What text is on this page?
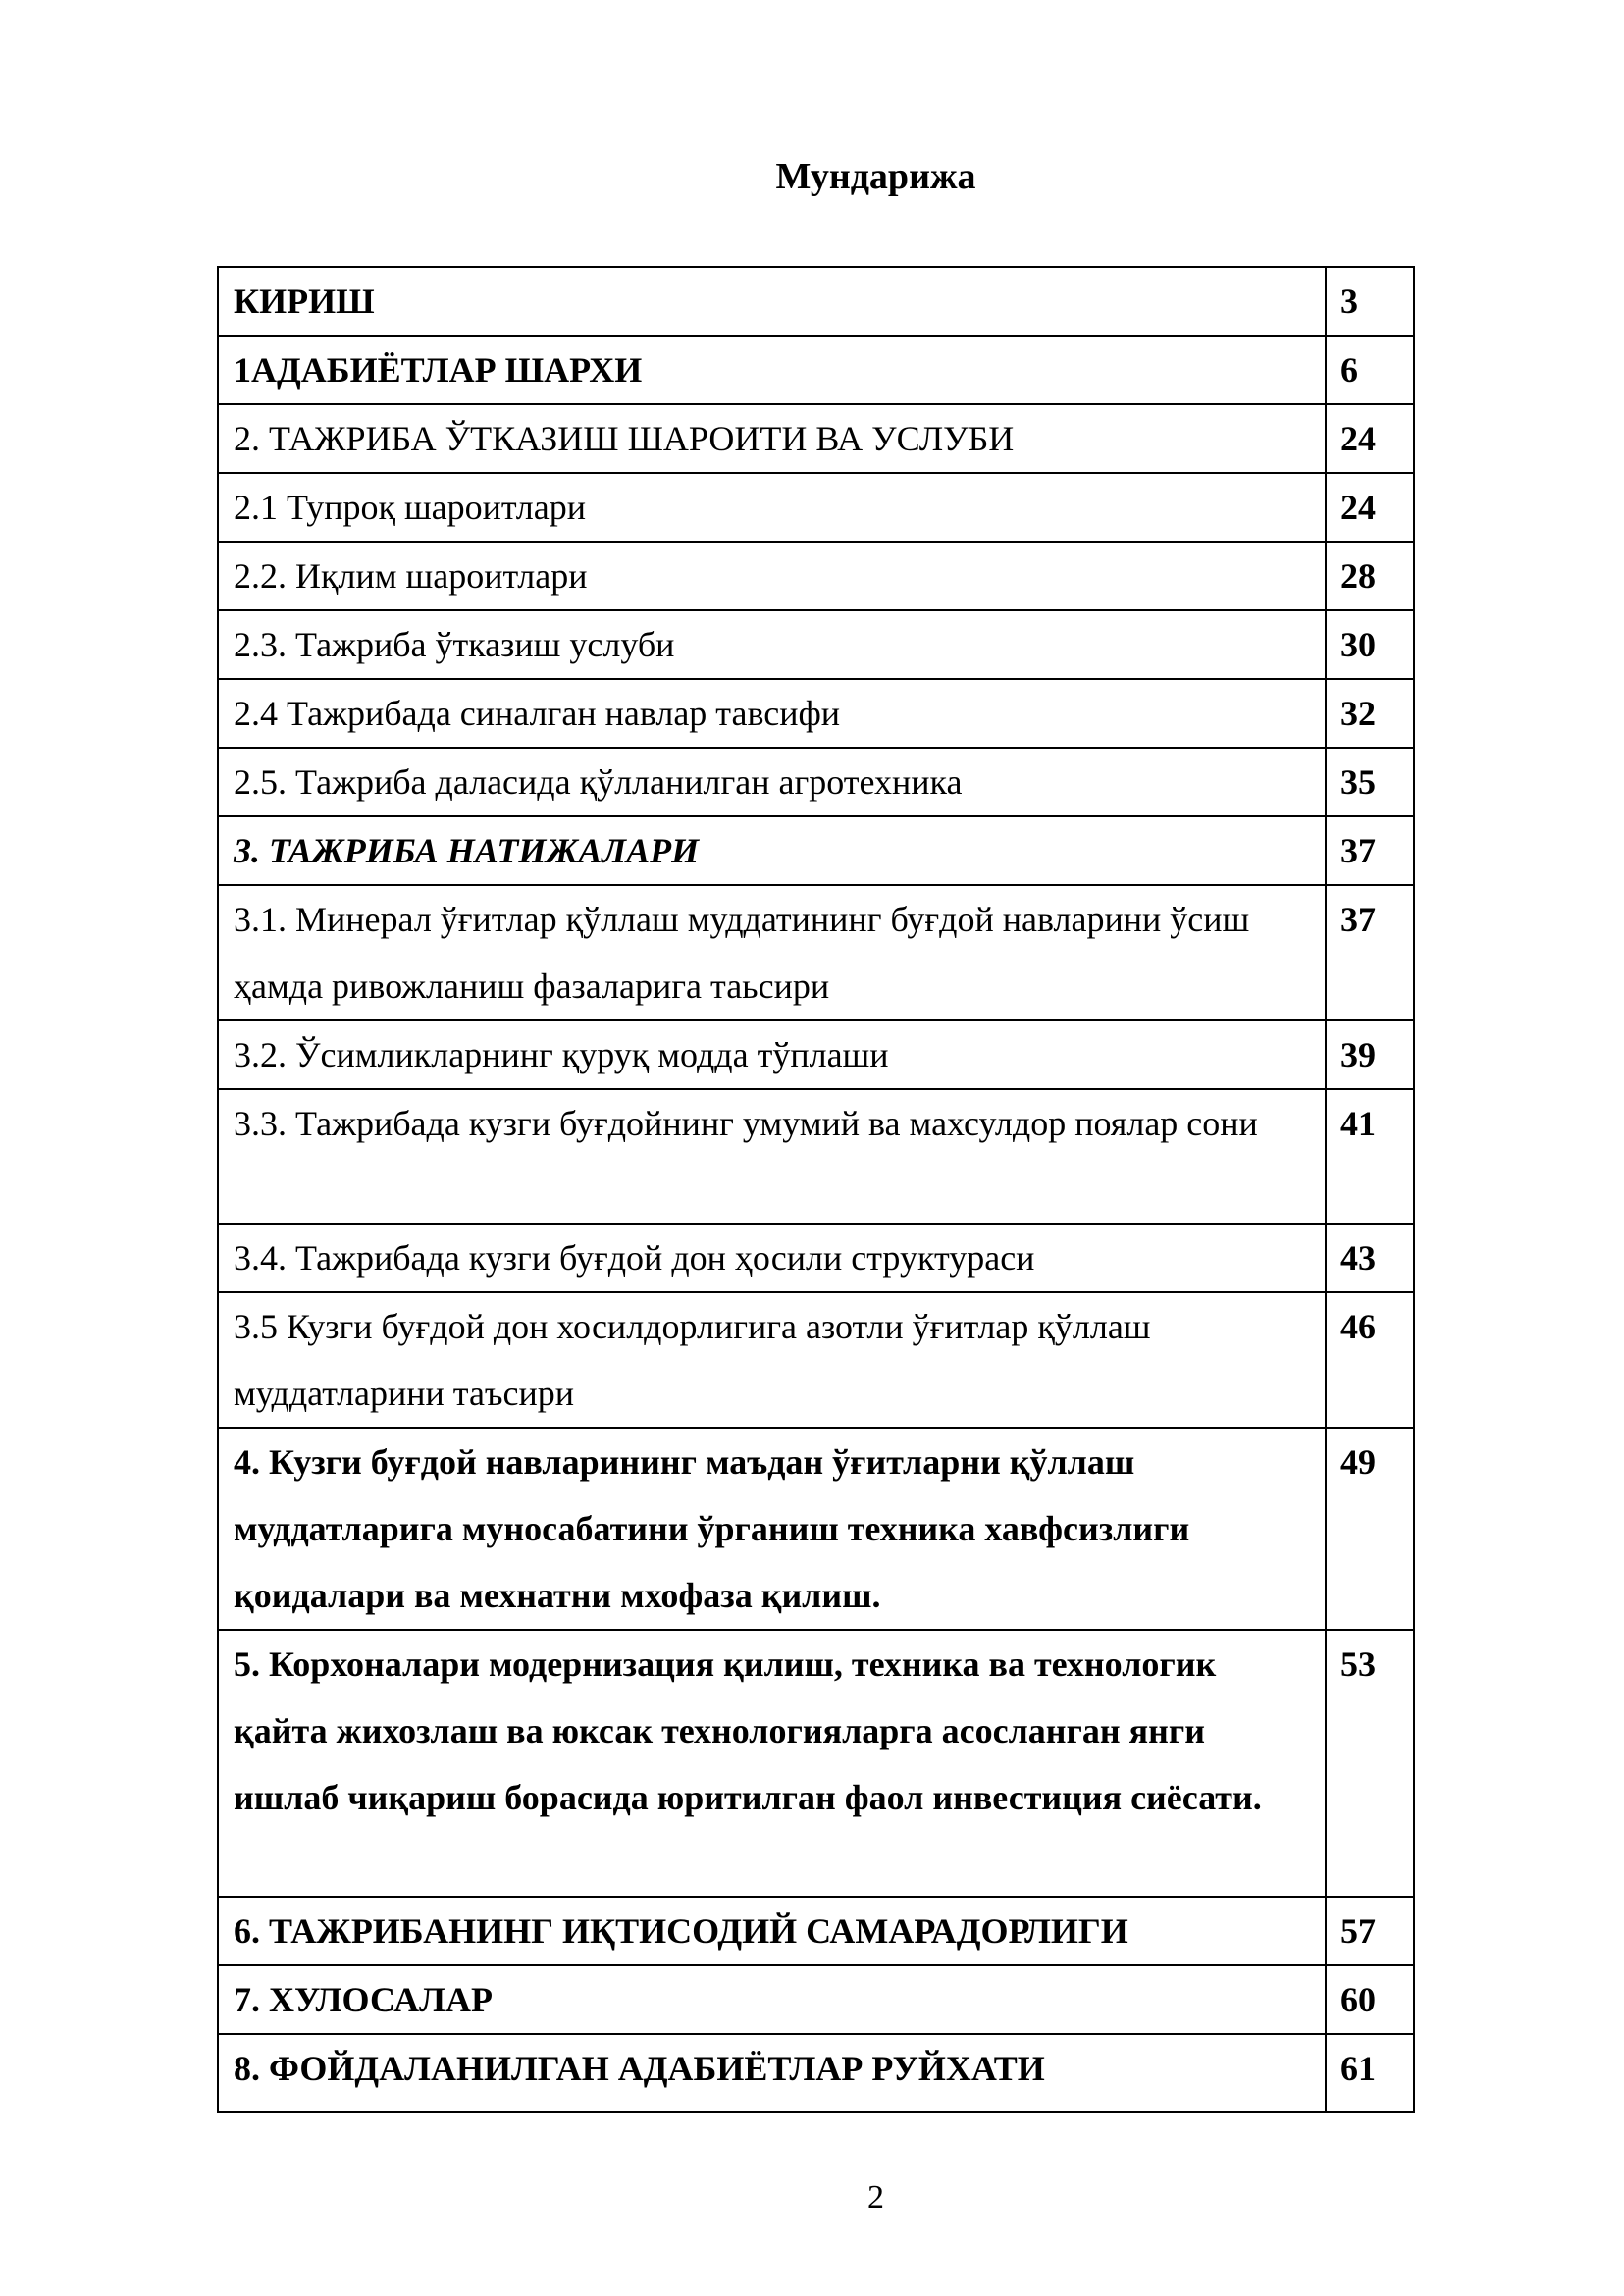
Мундарижа
КИРИШ	3
1АДАБИЁТЛАР ШАРХИ	6
2. ТАЖРИБА ЎТКАЗИШ ШАРОИТИ ВА УСЛУБИ	24
2.1 Тупроқ шароитлари	24
2.2. Иқлим шароитлари	28
2.3. Тажриба ўтказиш услуби	30
2.4 Тажрибада синалган навлар тавсифи	32
2.5. Тажриба даласида қўлланилган агротехника	35
3. ТАЖРИБА НАТИЖАЛАРИ	37
3.1. Минерал ўғитлар қўллаш муддатининг буғдой навларини ўсиш ҳамда ривожланиш фазаларига таьсири	37
3.2. Ўсимликларнинг қуруқ модда тўплаши	39
3.3. Тажрибада кузги буғдойнинг умумий ва махсулдор поялар сони	41
3.4. Тажрибада кузги буғдой дон ҳосили структураси	43
3.5 Кузги буғдой дон хосилдорлигига азотли ўғитлар қўллаш муддатларини таъсири	46
4. Кузги буғдой навларининг маъдан ўғитларни қўллаш муддатларига муносабатини ўрганиш техника хавфсизлиги қоидалари ва мехнатни мхофаза қилиш.	49
5. Корхоналари модернизация қилиш, техника ва технологик қайта жихозлаш ва юксак технологияларга асосланган янги ишлаб чиқариш борасида юритилган фаол инвестиция сиёсати.	53
6. ТАЖРИБАНИНГ ИҚТИСОДИЙ САМАРАДОРЛИГИ	57
7. ХУЛОСАЛАР	60
8. ФОЙДАЛАНИЛГАН АДАБИЁТЛАР РУЙХАТИ	61
2
